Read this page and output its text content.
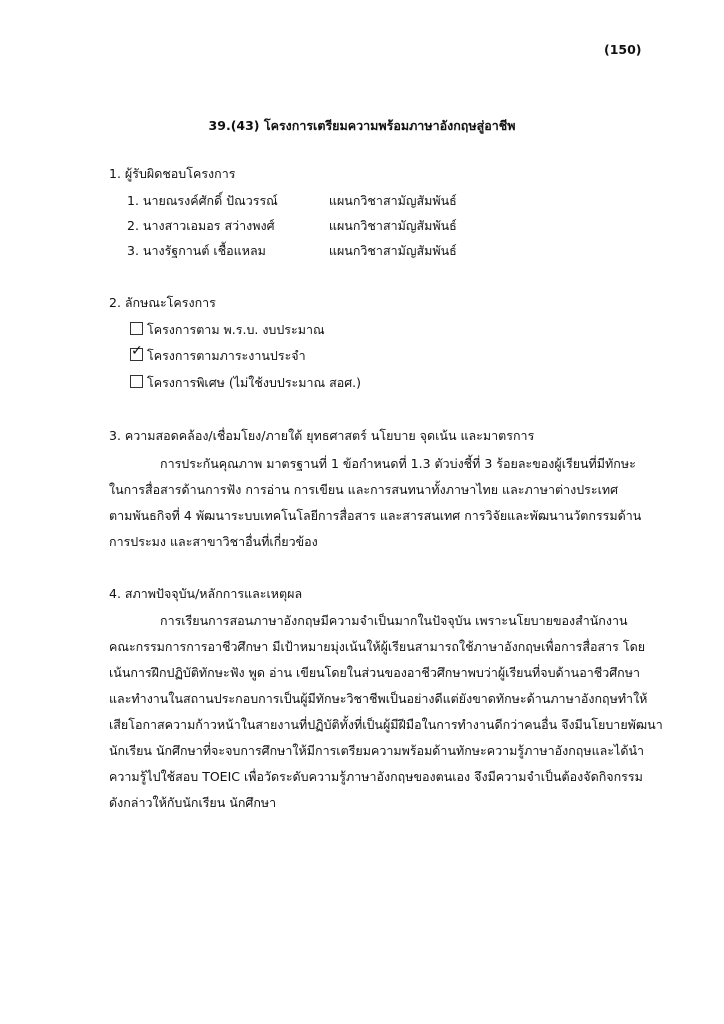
(150)
39.(43) โครงการเตรียมความพร้อมภาษาอังกฤษสู่อาชีพ
1. ผู้รับผิดชอบโครงการ
1. นายณรงค์ศักดิ์ ปัณวรรณ์	แผนกวิชาสามัญสัมพันธ์
2. นางสาวเอมอร สว่างพงศ์	แผนกวิชาสามัญสัมพันธ์
3. นางรัฐกานต์ เชื้อแหลม	แผนกวิชาสามัญสัมพันธ์
2. ลักษณะโครงการ
โครงการตาม พ.ร.บ. งบประมาณ
✓ โครงการตามภาระงานประจำ
โครงการพิเศษ (ไม่ใช้งบประมาณ สอศ.)
3. ความสอดคล้อง/เชื่อมโยง/ภายใต้ ยุทธศาสตร์ นโยบาย จุดเน้น และมาตรการ
การประกันคุณภาพ มาตรฐานที่ 1 ข้อกำหนดที่ 1.3 ตัวบ่งชี้ที่ 3 ร้อยละของผู้เรียนที่มีทักษะ
ในการสื่อสารด้านการฟัง การอ่าน การเขียน และการสนทนาทั้งภาษาไทย และภาษาต่างประเทศ
ตามพันธกิจที่ 4 พัฒนาระบบเทคโนโลยีการสื่อสาร และสารสนเทศ การวิจัยและพัฒนานวัตกรรมด้าน
การประมง และสาขาวิชาอื่นที่เกี่ยวข้อง
4. สภาพปัจจุบัน/หลักการและเหตุผล
การเรียนการสอนภาษาอังกฤษมีความจำเป็นมากในปัจจุบัน เพราะนโยบายของสำนักงาน
คณะกรรมการการอาชีวศึกษา มีเป้าหมายมุ่งเน้นให้ผู้เรียนสามารถใช้ภาษาอังกฤษเพื่อการสื่อสาร โดย
เน้นการฝึกปฏิบัติทักษะฟัง พูด อ่าน เขียนโดยในส่วนของอาชีวศึกษาพบว่าผู้เรียนที่จบด้านอาชีวศึกษา
และทำงานในสถานประกอบการเป็นผู้มีทักษะวิชาชีพเป็นอย่างดีแต่ยังขาดทักษะด้านภาษาอังกฤษทำให้
เสียโอกาสความก้าวหน้าในสายงานที่ปฏิบัติทั้งที่เป็นผู้มีฝีมือในการทำงานดีกว่าคนอื่น จึงมีนโยบายพัฒนา
นักเรียน นักศึกษาที่จะจบการศึกษาให้มีการเตรียมความพร้อมด้านทักษะความรู้ภาษาอังกฤษและได้นำ
ความรู้ไปใช้สอบ TOEIC เพื่อวัดระดับความรู้ภาษาอังกฤษของตนเอง จึงมีความจำเป็นต้องจัดกิจกรรม
ดังกล่าวให้กับนักเรียน นักศึกษา
